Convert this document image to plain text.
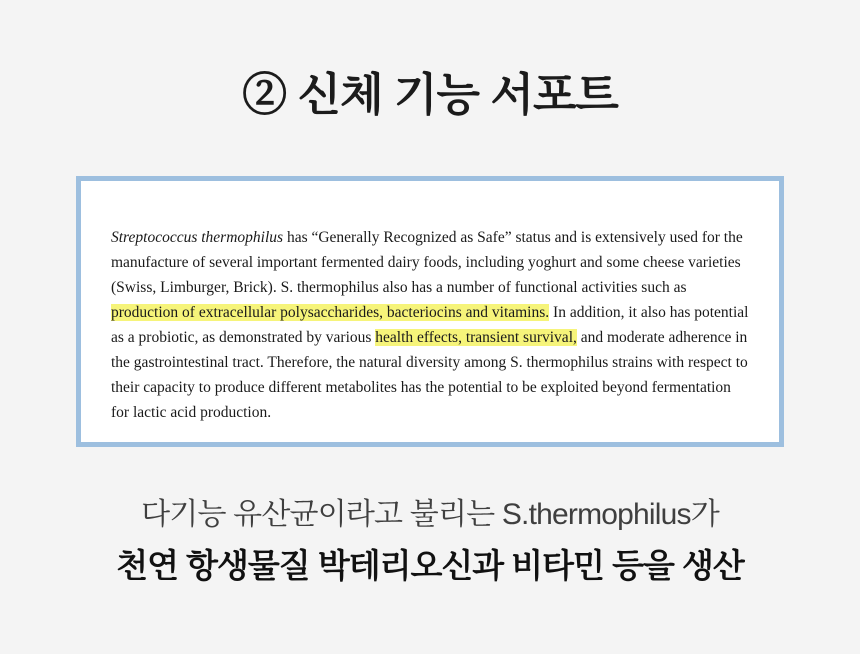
② 신체 기능 서포트

Streptococcus thermophilus has “Generally Recognized as Safe” status and is extensively used for the manufacture of several important fermented dairy foods, including yoghurt and some cheese varieties (Swiss, Limburger, Brick). S. thermophilus also has a number of functional activities such as production of extracellular polysaccharides, bacteriocins and vitamins. In addition, it also has potential as a probiotic, as demonstrated by various health effects, transient survival, and moderate adherence in the gastrointestinal tract. Therefore, the natural diversity among S. thermophilus strains with respect to their capacity to produce different metabolites has the potential to be exploited beyond fermentation for lactic acid production.

다기능 유산균이라고 불리는 S.thermophilus가
천연 항생물질 박테리오신과 비타민 등을 생산
